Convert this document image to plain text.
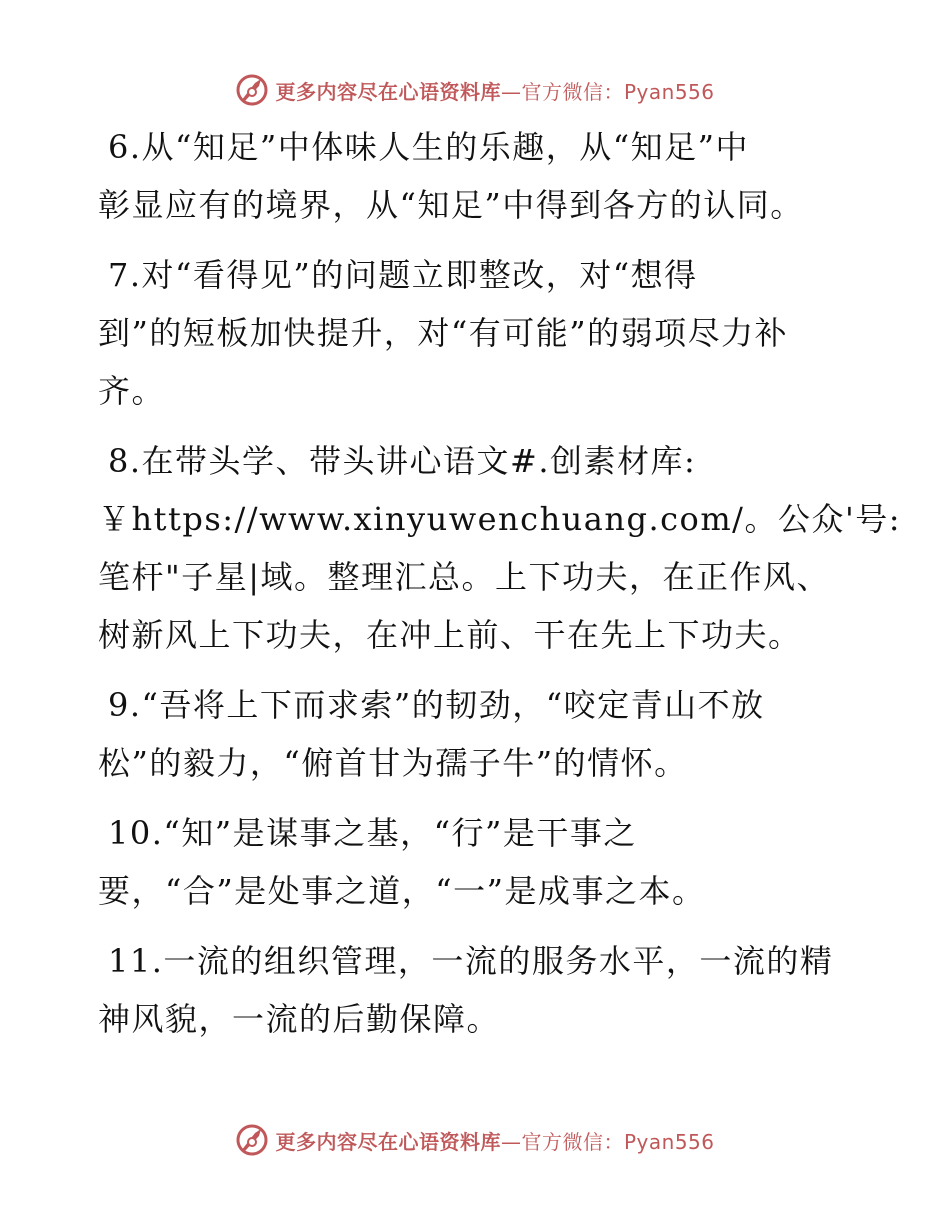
更多内容尽在心语资料库—官方微信：Pyan556

6.从“知足”中体味人生的乐趣，从“知足”中
彰显应有的境界，从“知足”中得到各方的认同。

7.对“看得见”的问题立即整改，对“想得
到”的短板加快提升，对“有可能”的弱项尽力补
齐。

8.在带头学、带头讲心语文#.创素材库:
￥https://www.xinyuwenchuang.com/。公众'号:
笔杆"子星|域。整理汇总。上下功夫，在正作风、
树新风上下功夫，在冲上前、干在先上下功夫。

9.“吾将上下而求索”的韧劲，“咬定青山不放
松”的毅力，“俯首甘为孺子牛”的情怀。

10.“知”是谋事之基，“行”是干事之
要，“合”是处事之道，“一”是成事之本。

11.一流的组织管理，一流的服务水平，一流的精
神风貌，一流的后勤保障。

更多内容尽在心语资料库—官方微信：Pyan556
